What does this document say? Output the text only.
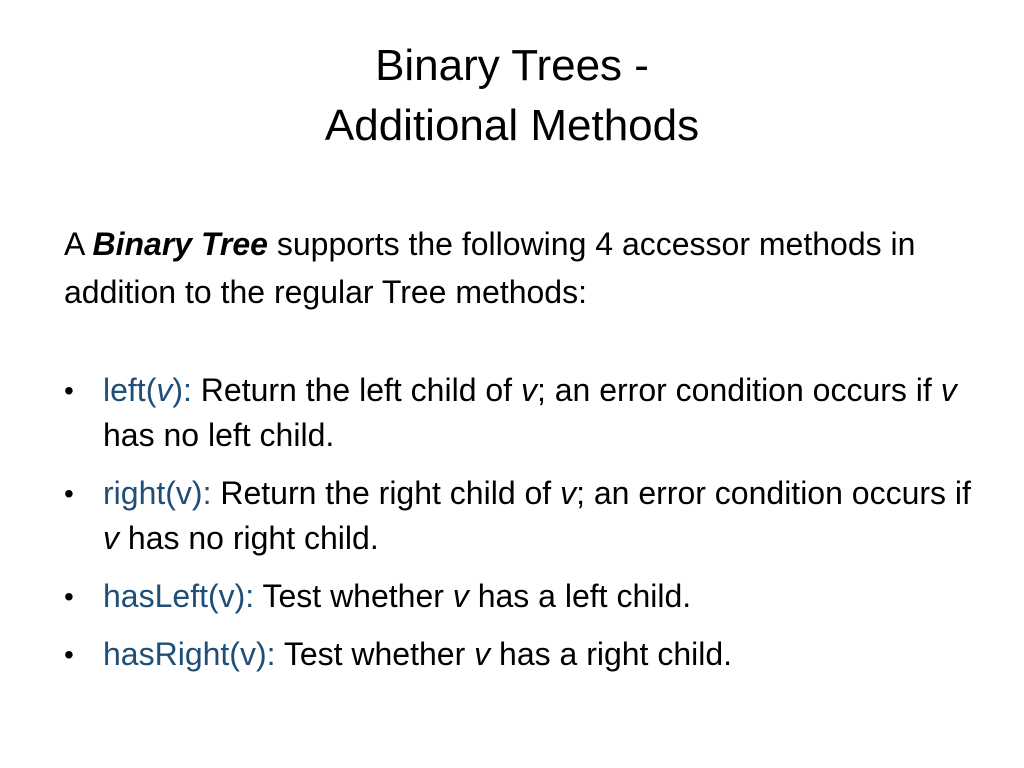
Binary Trees -
Additional Methods

A Binary Tree supports the following 4 accessor methods in addition to the regular Tree methods:

• left(v): Return the left child of v; an error condition occurs if v has no left child.
• right(v): Return the right child of v; an error condition occurs if v has no right child.
• hasLeft(v): Test whether v has a left child.
• hasRight(v): Test whether v has a right child.
